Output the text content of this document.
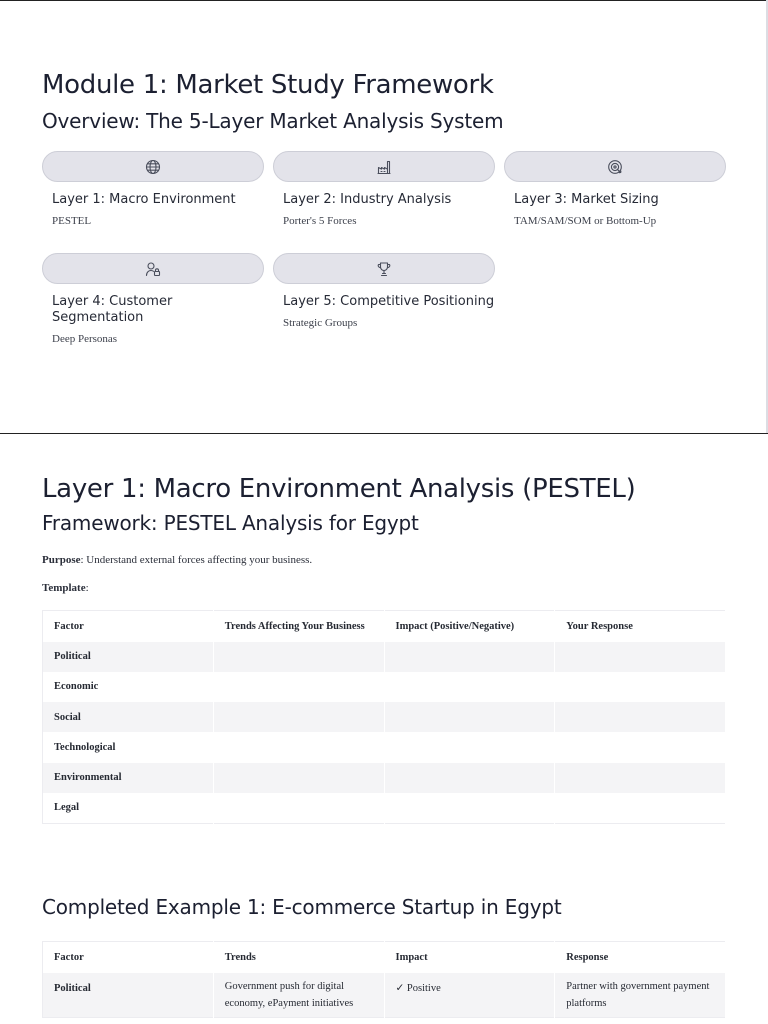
Module 1: Market Study Framework
Overview: The 5-Layer Market Analysis System
Layer 1: Macro Environment
PESTEL
Layer 2: Industry Analysis
Porter's 5 Forces
Layer 3: Market Sizing
TAM/SAM/SOM or Bottom-Up
Layer 4: Customer Segmentation
Deep Personas
Layer 5: Competitive Positioning
Strategic Groups
Layer 1: Macro Environment Analysis (PESTEL)
Framework: PESTEL Analysis for Egypt

Purpose: Understand external forces affecting your business.

Template:

Factor	Trends Affecting Your Business	Impact (Positive/Negative)	Your Response
Political			
Economic			
Social			
Technological			
Environmental			
Legal			
Completed Example 1: E-commerce Startup in Egypt
Factor	Trends	Impact	Response
Political	Government push for digital economy, ePayment initiatives	✓ Positive	Partner with government payment platforms
